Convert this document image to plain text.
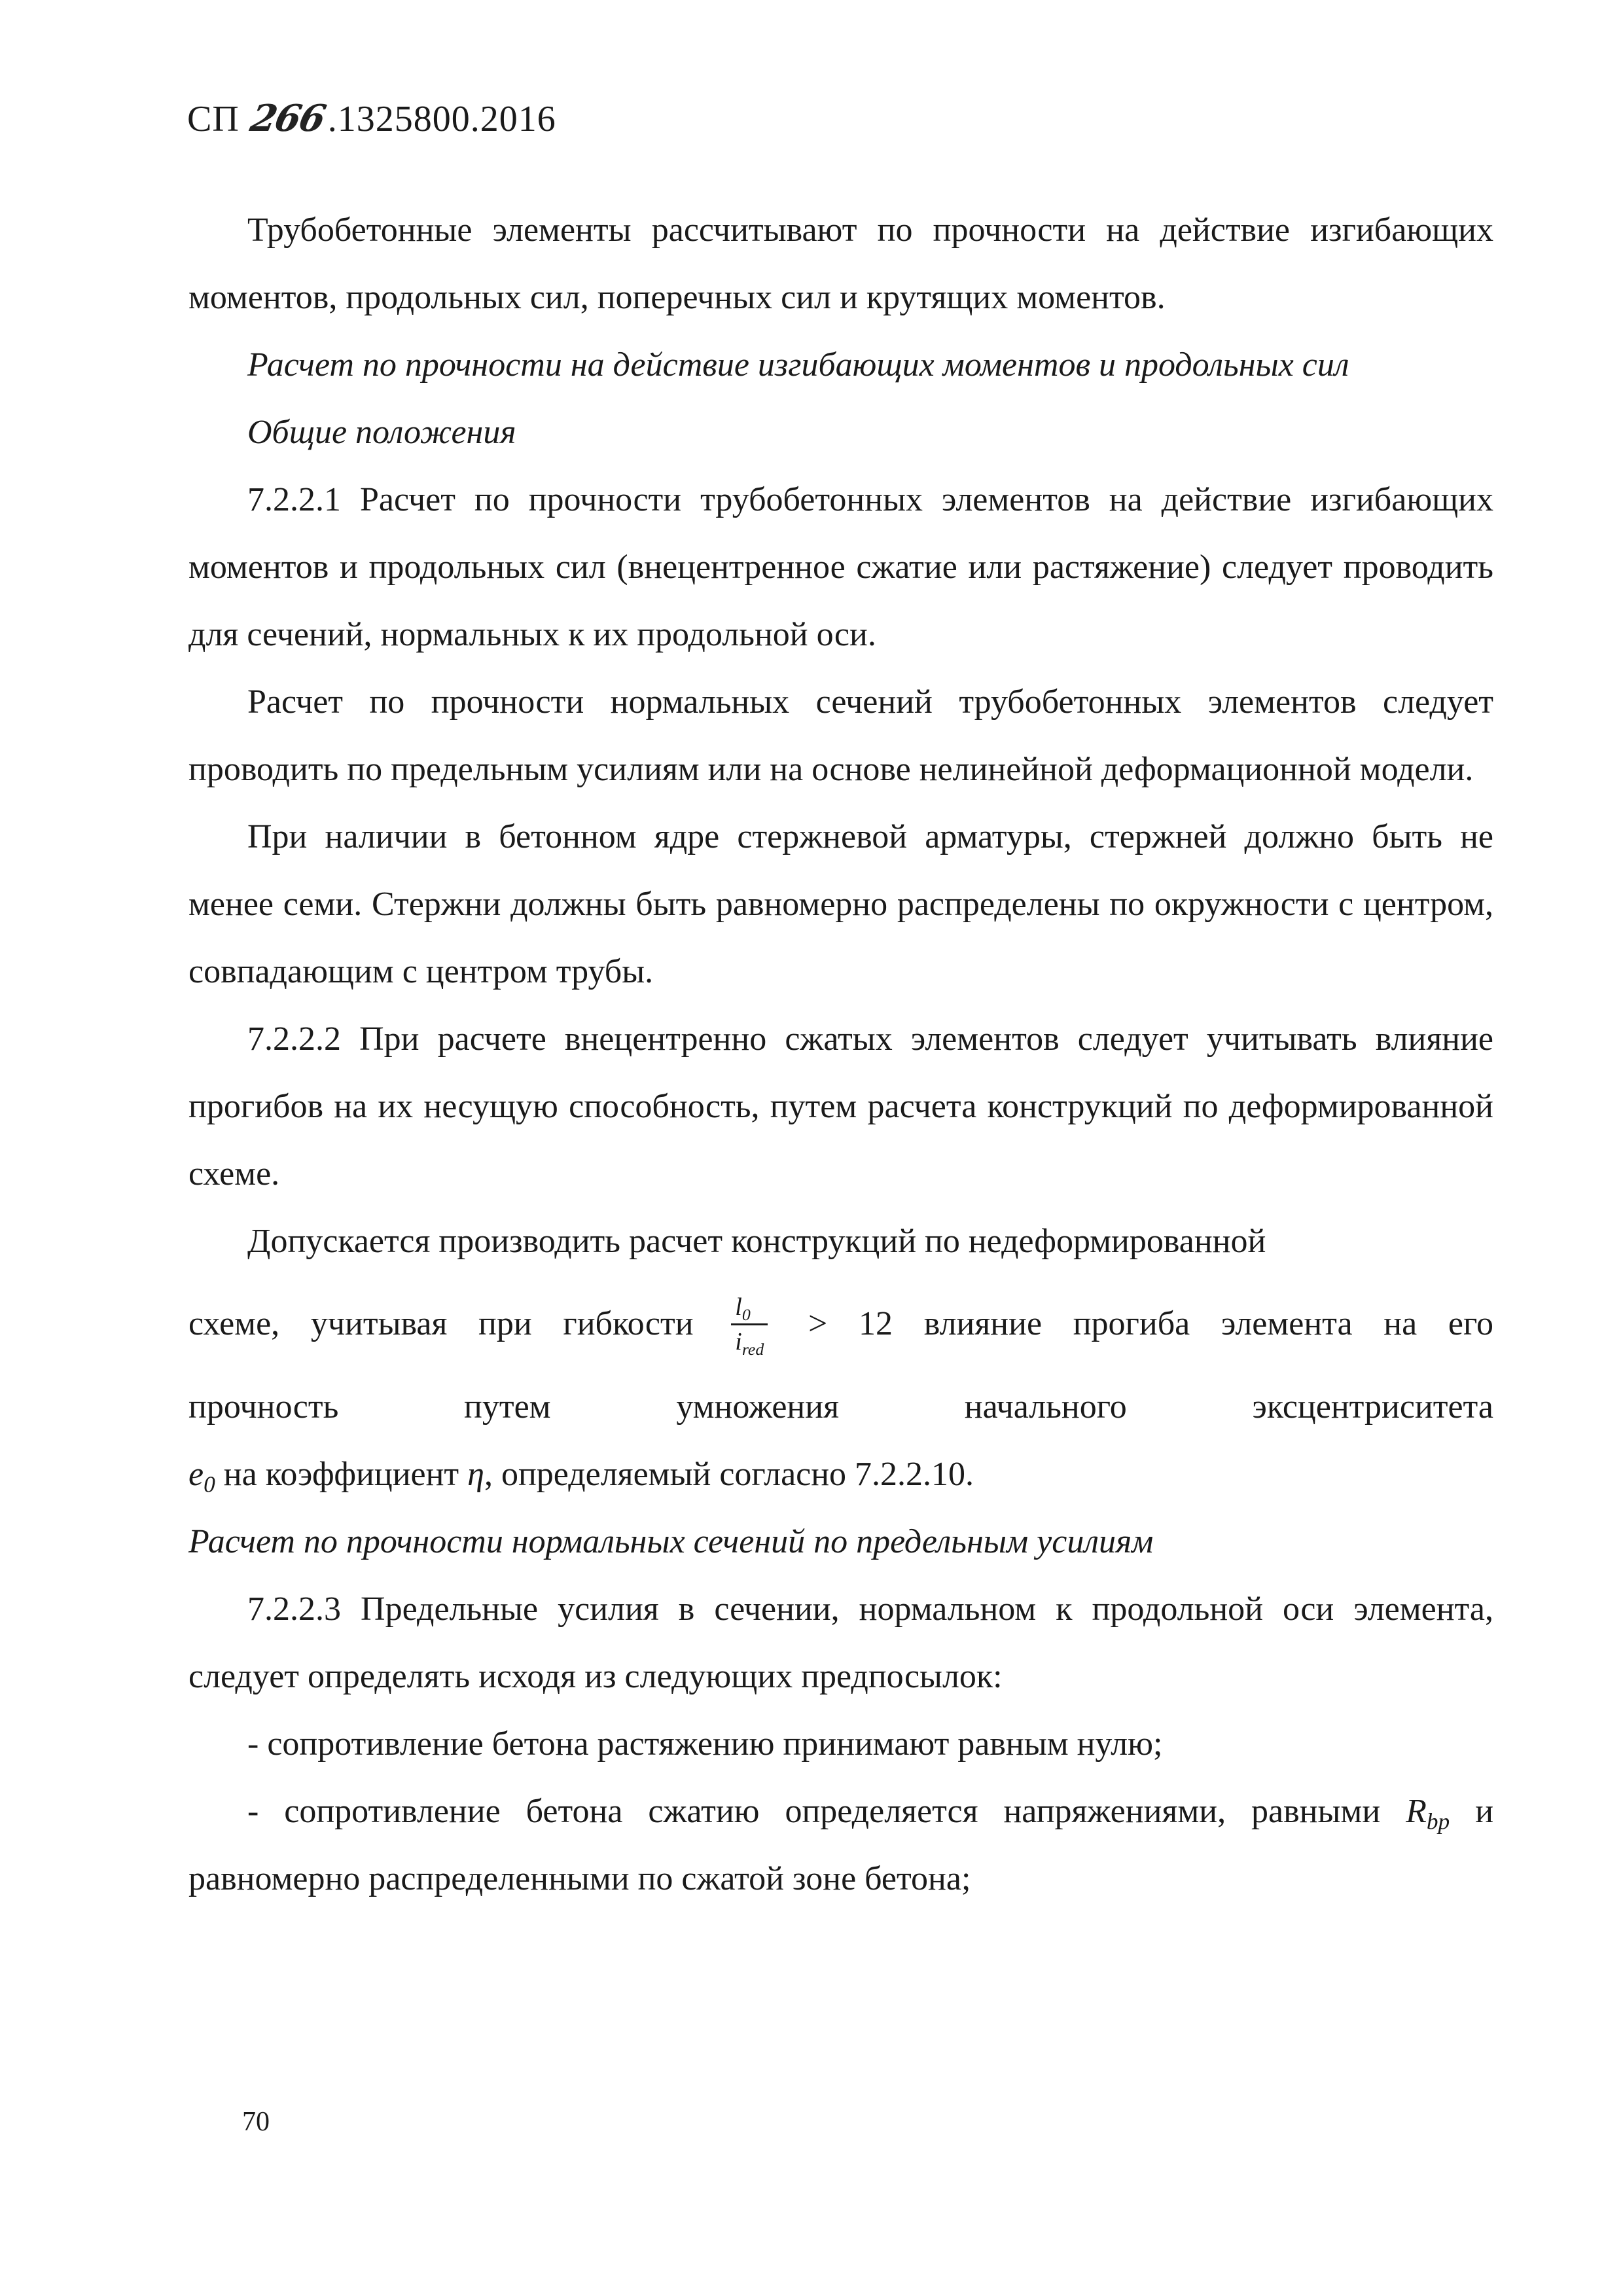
СП 266.1325800.2016

Трубобетонные элементы рассчитывают по прочности на действие изгибающих моментов, продольных сил, поперечных сил и крутящих моментов.

Расчет по прочности на действие изгибающих моментов и продольных сил

Общие положения

7.2.2.1 Расчет по прочности трубобетонных элементов на действие изгибающих моментов и продольных сил (внецентренное сжатие или растяжение) следует проводить для сечений, нормальных к их продольной оси.

Расчет по прочности нормальных сечений трубобетонных элементов следует проводить по предельным усилиям или на основе нелинейной деформационной модели.

При наличии в бетонном ядре стержневой арматуры, стержней должно быть не менее семи. Стержни должны быть равномерно распределены по окружности с центром, совпадающим с центром трубы.

7.2.2.2 При расчете внецентренно сжатых элементов следует учитывать влияние прогибов на их несущую способность, путем расчета конструкций по деформированной схеме.

Допускается производить расчет конструкций по недеформированной

схеме, учитывая при гибкости $\frac{l_0}{i_{red}} > 12$ влияние прогиба элемента на его

прочность путем умножения начального эксцентриситета

$e_0$ на коэффициент η, определяемый согласно 7.2.2.10.

Расчет по прочности нормальных сечений по предельным усилиям

7.2.2.3 Предельные усилия в сечении, нормальном к продольной оси элемента, следует определять исходя из следующих предпосылок:

- сопротивление бетона растяжению принимают равным нулю;

- сопротивление бетона сжатию определяется напряжениями, равными $R_{bp}$ и равномерно распределенными по сжатой зоне бетона;

70
